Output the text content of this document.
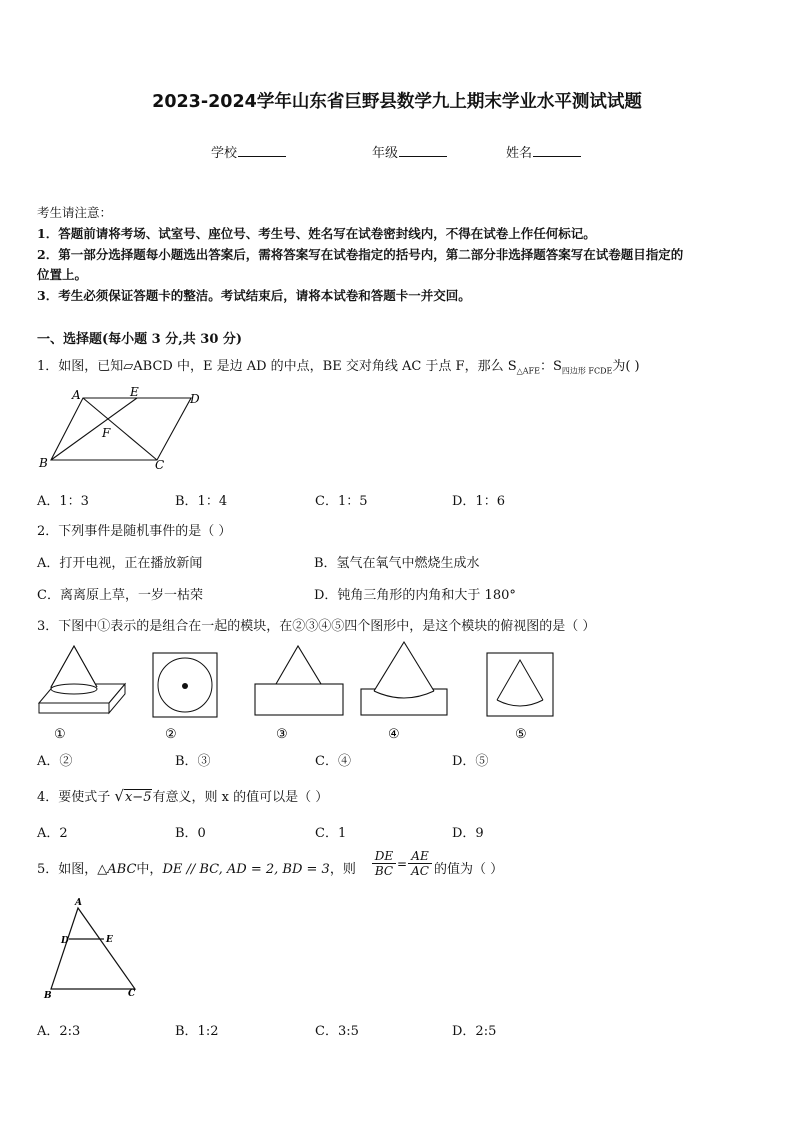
2023-2024学年山东省巨野县数学九上期末学业水平测试试题
学校	年级	姓名
考生请注意：
1．答题前请将考场、试室号、座位号、考生号、姓名写在试卷密封线内，不得在试卷上作任何标记。
2．第一部分选择题每小题选出答案后，需将答案写在试卷指定的括号内，第二部分非选择题答案写在试卷题目指定的
位置上。
3．考生必须保证答题卡的整洁。考试结束后，请将本试卷和答题卡一并交回。
一、选择题(每小题 3 分,共 30 分)
1．如图，已知▱ABCD 中，E 是边 AD 的中点，BE 交对角线 AC 于点 F，那么 $S_{\triangle AFE}$：$S_{四边形 FCDE}$为( )
A	E	D
F
B	C
A．1：3	B．1：4	C．1：5	D．1：6
2．下列事件是随机事件的是（ ）
A．打开电视，正在播放新闻	B．氢气在氧气中燃烧生成水
C．离离原上草，一岁一枯荣	D．钝角三角形的内角和大于 180°
3．下图中①表示的是组合在一起的模块，在②③④⑤四个图形中，是这个模块的俯视图的是（ ）
①	②	③	④	⑤
A．②	B．③	C．④	D．⑤
4．要使式子 √x−5有意义，则 x 的值可以是（ ）
A．2	B．0	C．1	D．9
5．如图，△ABC中，DE // BC, AD = 2, BD = 3，则
DE
BC =
AE
AC 的值为（ ）
A
D	E
B	C
A．2:3	B．1:2	C．3:5	D．2:5
